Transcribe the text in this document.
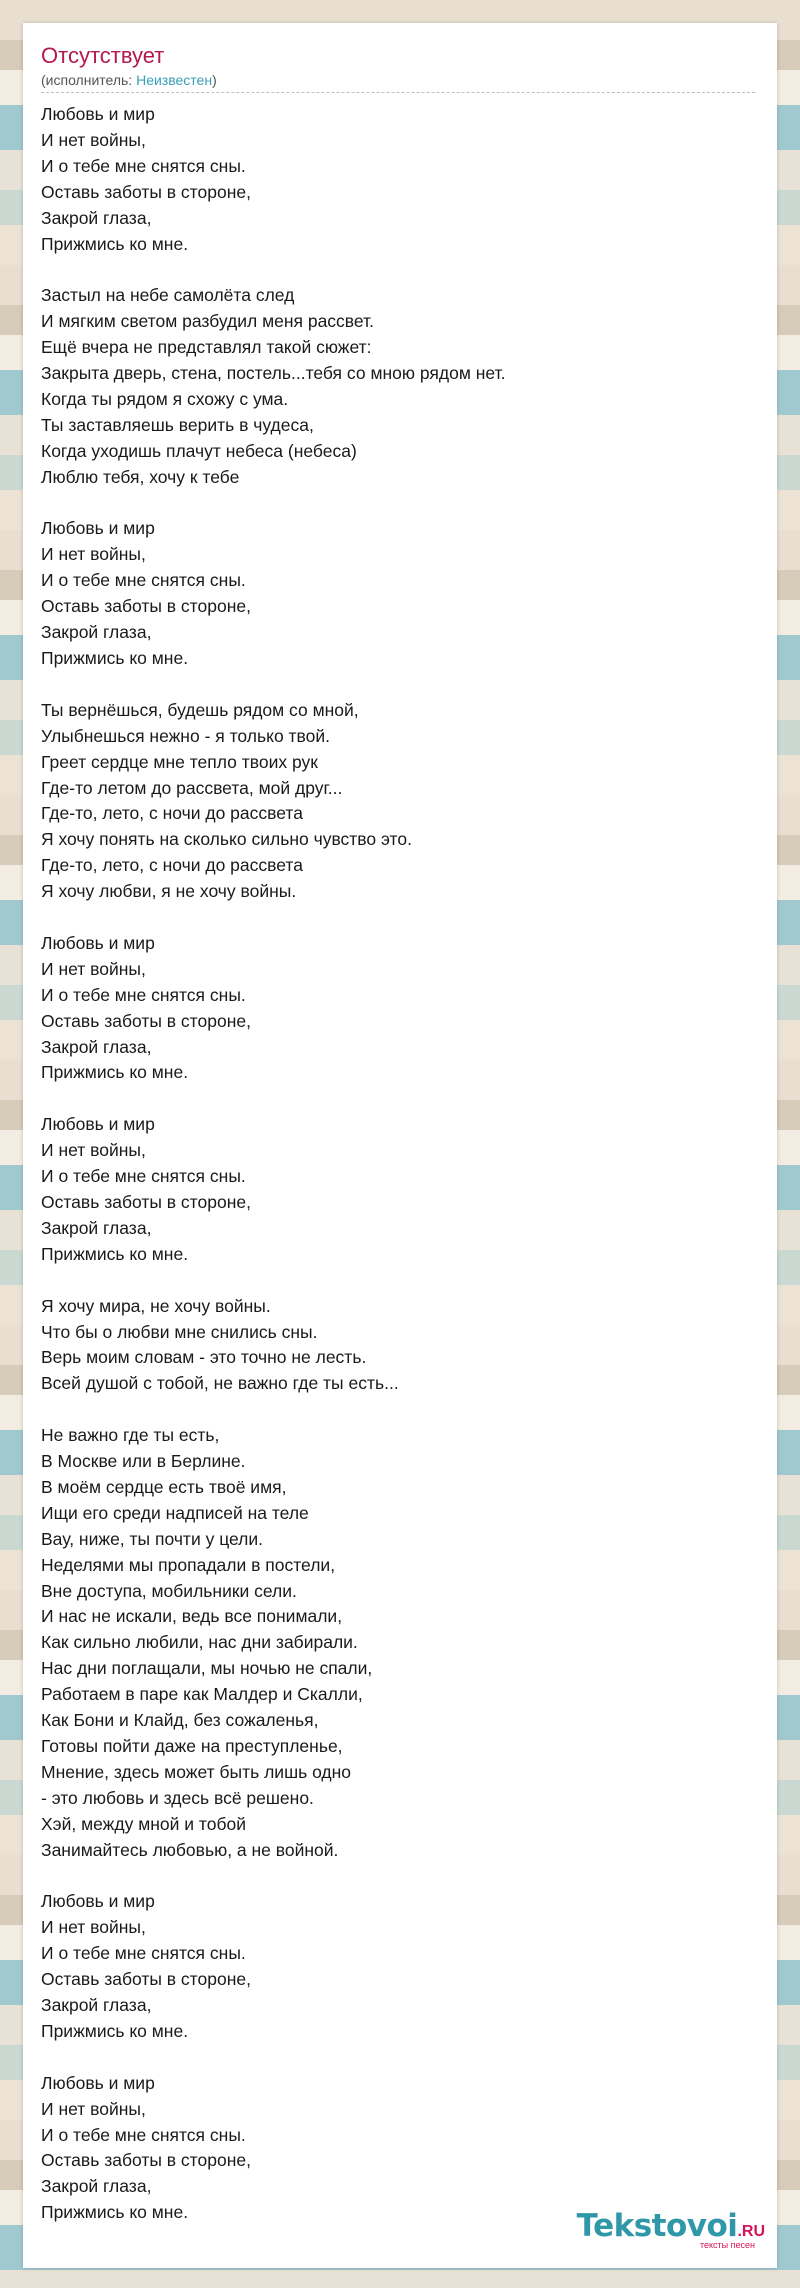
Отсутствует
(исполнитель: Неизвестен)
Любовь и мир
И нет войны,
И о тебе мне снятся сны.
Оставь заботы в стороне,
Закрой глаза,
Прижмись ко мне.
Застыл на небе самолёта след
И мягким светом разбудил меня рассвет.
Ещё вчера не представлял такой сюжет:
Закрыта дверь, стена, постель...тебя со мною рядом нет.
Когда ты рядом я схожу с ума.
Ты заставляешь верить в чудеса,
Когда уходишь плачут небеса (небеса)
Люблю тебя, хочу к тебе
Любовь и мир
И нет войны,
И о тебе мне снятся сны.
Оставь заботы в стороне,
Закрой глаза,
Прижмись ко мне.
Ты вернёшься, будешь рядом со мной,
Улыбнешься нежно - я только твой.
Греет сердце мне тепло твоих рук
Где-то летом до рассвета, мой друг...
Где-то, лето, с ночи до рассвета
Я хочу понять на сколько сильно чувство это.
Где-то, лето, с ночи до рассвета
Я хочу любви, я не хочу войны.
Любовь и мир
И нет войны,
И о тебе мне снятся сны.
Оставь заботы в стороне,
Закрой глаза,
Прижмись ко мне.
Любовь и мир
И нет войны,
И о тебе мне снятся сны.
Оставь заботы в стороне,
Закрой глаза,
Прижмись ко мне.
Я хочу мира, не хочу войны.
Что бы о любви мне снились сны.
Верь моим словам - это точно не лесть.
Всей душой с тобой, не важно где ты есть...
Не важно где ты есть,
В Москве или в Берлине.
В моём сердце есть твоё имя,
Ищи его среди надписей на теле
Вау, ниже, ты почти у цели.
Неделями мы пропадали в постели,
Вне доступа, мобильники сели.
И нас не искали, ведь все понимали,
Как сильно любили, нас дни забирали.
Нас дни поглащали, мы ночью не спали,
Работаем в паре как Малдер и Скалли,
Как Бони и Клайд, без сожаленья,
Готовы пойти даже на преступленье,
Мнение, здесь может быть лишь одно
- это любовь и здесь всё решено.
Хэй, между мной и тобой
Занимайтесь любовью, а не войной.
Любовь и мир
И нет войны,
И о тебе мне снятся сны.
Оставь заботы в стороне,
Закрой глаза,
Прижмись ко мне.
Любовь и мир
И нет войны,
И о тебе мне снятся сны.
Оставь заботы в стороне,
Закрой глаза,
Прижмись ко мне.	Tekstovoi.RU
тексты песен
